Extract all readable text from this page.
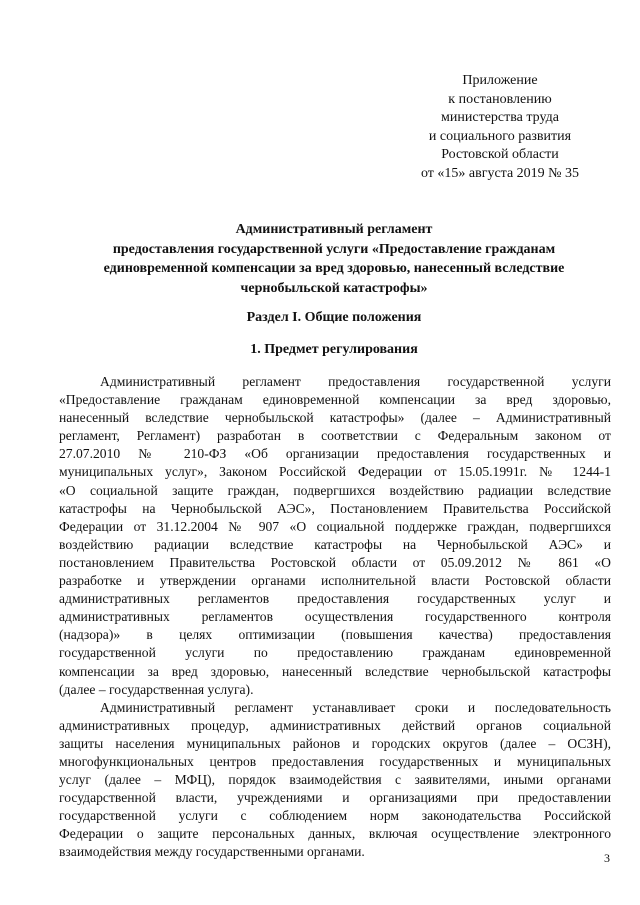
Приложение
к постановлению
министерства труда
и социального развития
Ростовской области
от «15» августа 2019 № 35
Административный регламент
предоставления государственной услуги «Предоставление гражданам
единовременной компенсации за вред здоровью, нанесенный вследствие
чернобыльской катастрофы»
Раздел I. Общие положения
1. Предмет регулирования
Административный регламент предоставления государственной услуги
«Предоставление гражданам единовременной компенсации за вред здоровью,
нанесенный вследствие чернобыльской катастрофы» (далее – Административный
регламент, Регламент) разработан в соответствии с Федеральным законом от
27.07.2010 № 210-ФЗ «Об организации предоставления государственных и
муниципальных услуг», Законом Российской Федерации от 15.05.1991г. № 1244-1
«О социальной защите граждан, подвергшихся воздействию радиации вследствие
катастрофы на Чернобыльской АЭС», Постановлением Правительства Российской
Федерации от 31.12.2004 № 907 «О социальной поддержке граждан, подвергшихся
воздействию радиации вследствие катастрофы на Чернобыльской АЭС» и
постановлением Правительства Ростовской области от 05.09.2012 № 861 «О
разработке и утверждении органами исполнительной власти Ростовской области
административных регламентов предоставления государственных услуг и
административных регламентов осуществления государственного контроля
(надзора)» в целях оптимизации (повышения качества) предоставления
государственной услуги по предоставлению гражданам единовременной
компенсации за вред здоровью, нанесенный вследствие чернобыльской катастрофы
(далее – государственная услуга).
Административный регламент устанавливает сроки и последовательность
административных процедур, административных действий органов социальной
защиты населения муниципальных районов и городских округов (далее – ОСЗН),
многофункциональных центров предоставления государственных и муниципальных
услуг (далее – МФЦ), порядок взаимодействия с заявителями, иными органами
государственной власти, учреждениями и организациями при предоставлении
государственной услуги с соблюдением норм законодательства Российской
Федерации о защите персональных данных, включая осуществление электронного
взаимодействия между государственными органами.	3
